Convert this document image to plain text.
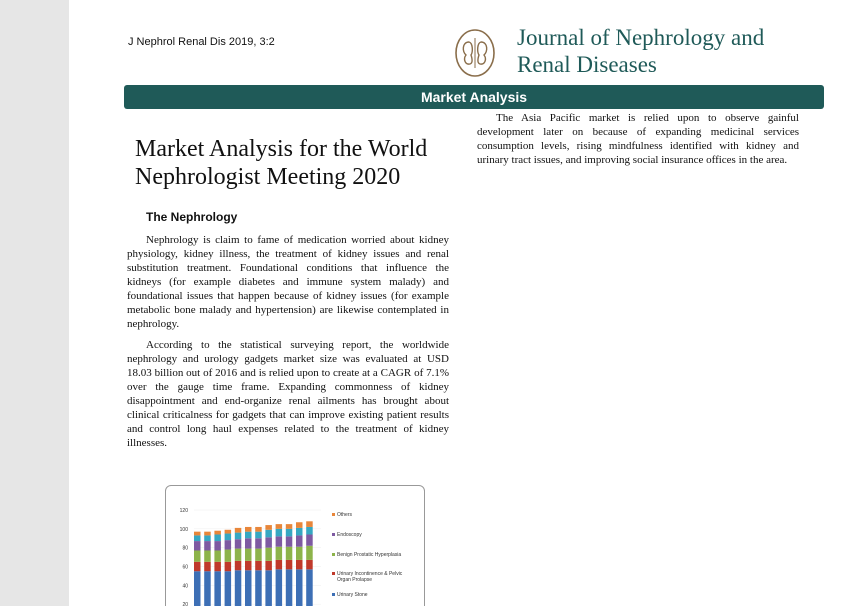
J Nephrol Renal Dis 2019, 3:2	Journal of Nephrology and
Renal Diseases
Market Analysis
Market Analysis for the World
Nephrologist Meeting 2020
The Nephrology

Nephrology is claim to fame of medication worried about kidney physiology, kidney illness, the treatment of kidney issues and renal substitution treatment. Foundational conditions that influence the kidneys (for example diabetes and immune system malady) and foundational issues that happen because of kidney issues (for example metabolic bone malady and hypertension) are likewise contemplated in nephrology.

According to the statistical surveying report, the worldwide nephrology and urology gadgets market size was evaluated at USD 18.03 billion out of 2016 and is relied upon to create at a CAGR of 7.1% over the gauge time frame. Expanding commonness of kidney disappointment and end-organize renal ailments has brought about clinical criticalness for gadgets that can improve existing patient results and control long haul expenses related to the treatment of kidney illnesses.

The Asia Pacific market is relied upon to observe gainful development later on because of expanding medicinal services consumption levels, rising mindfulness identified with kidney and urinary tract issues, and improving social insurance offices in the area.

120
100
80
60
40
20
Others
Endoscopy
Benign Prostatic Hyperplasia
Urinary Incontinence & Pelvic Organ Prolapse
Urinary Stone
